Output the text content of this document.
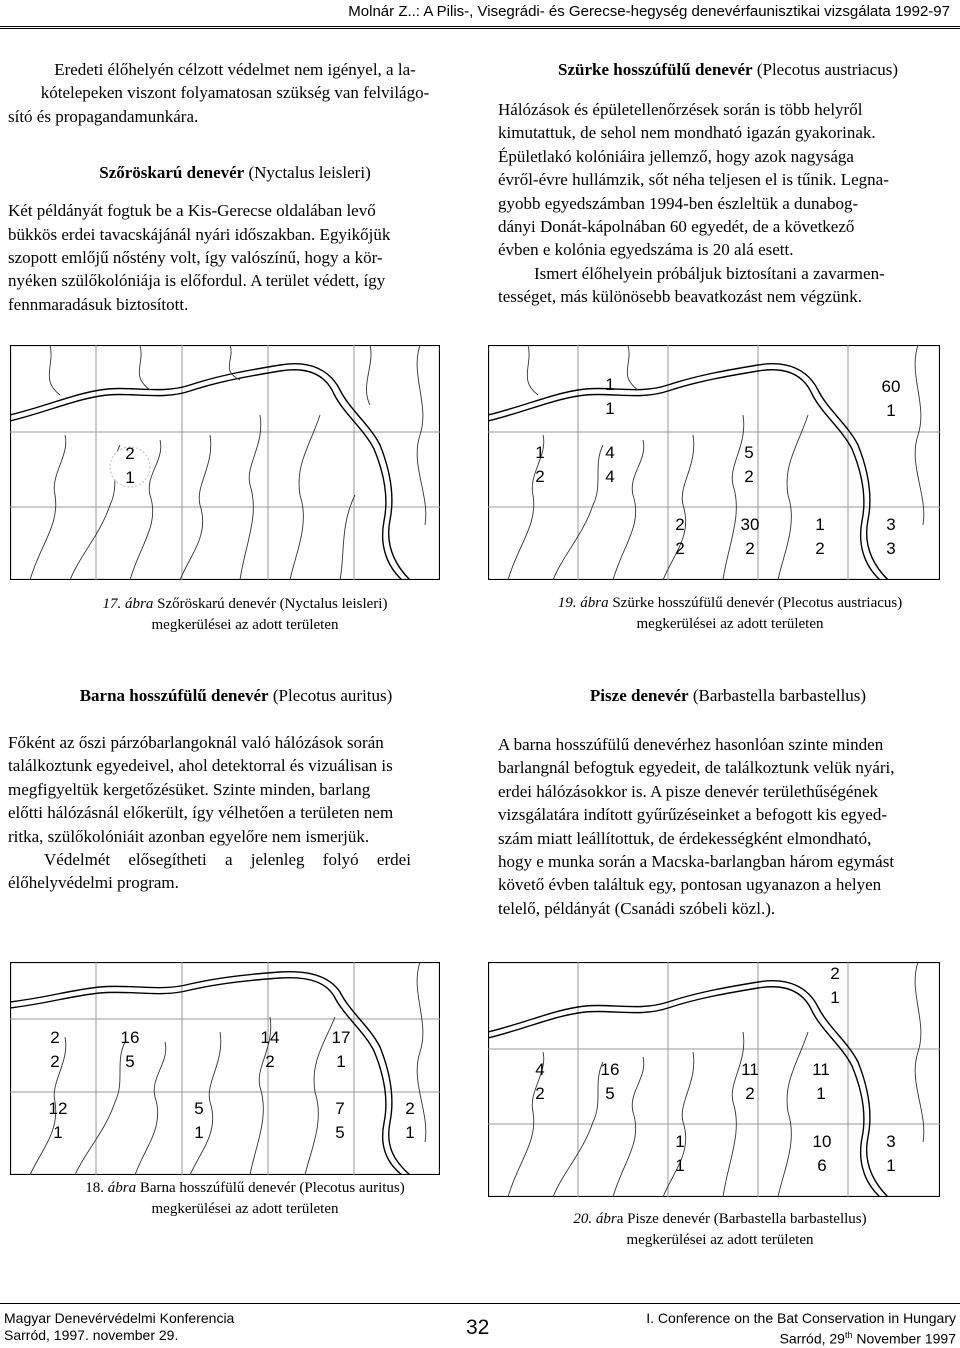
Molnár Z..: A Pilis-, Visegrádi- és Gerecse-hegység denevérfaunisztikai vizsgálata 1992-97
Eredeti élőhelyén célzott védelmet nem igényel, a la-
kótelepeken viszont folyamatosan szükség van felvilágo-
sító és propagandamunkára.

Szőröskarú denevér (Nyctalus leisleri)

Két példányát fogtuk be a Kis-Gerecse oldalában levő
bükkös erdei tavacskájánál nyári időszakban. Egyikőjük
szopott emlőjű nőstény volt, így valószínű, hogy a kör-
nyéken szülőkolóniája is előfordul. A terület védett, így
fennmaradásuk biztosított.

Szürke hosszúfülű denevér (Plecotus austriacus)

Hálózások és épületellenőrzések során is több helyről
kimutattuk, de sehol nem mondható igazán gyakorinak.
Épületlakó kolóniáira jellemző, hogy azok nagysága
évről-évre hullámzik, sőt néha teljesen el is tűnik. Legna-
gyobb egyedszámban 1994-ben észleltük a dunabog-
dányi Donát-kápolnában 60 egyedét, de a következő
évben e kolónia egyedszáma is 20 alá esett.
Ismert élőhelyein próbáljuk biztosítani a zavarmen-
tességet, más különösebb beavatkozást nem végzünk.
2
1
17. ábra Szőröskarú denevér (Nyctalus leisleri)
megkerülései az adott területen
1
1
60
1
1
2
4
4
5
2
2
2
30
2
1
2
3
3
19. ábra Szürke hosszúfülű denevér (Plecotus austriacus)
megkerülései az adott területen

Barna hosszúfülű denevér (Plecotus auritus)

Főként az őszi párzóbarlangoknál való hálózások során
találkoztunk egyedeivel, ahol detektorral és vizuálisan is
megfigyeltük kergetőzésüket. Szinte minden, barlang
előtti hálózásnál előkerült, így vélhetően a területen nem
ritka, szülőkolóniáit azonban egyelőre nem ismerjük.
Védelmét elősegítheti a jelenleg folyó erdei
élőhelyvédelmi program.

Pisze denevér (Barbastella barbastellus)

A barna hosszúfülű denevérhez hasonlóan szinte minden
barlangnál befogtuk egyedeit, de találkoztunk velük nyári,
erdei hálózásokkor is. A pisze denevér területhűségének
vizsgálatára indított gyűrűzéseinket a befogott kis egyed-
szám miatt leállítottuk, de érdekességként elmondható,
hogy e munka során a Macska-barlangban három egymást
követő évben találtuk egy, pontosan ugyanazon a helyen
telelő, példányát (Csanádi szóbeli közl.).
2
2
16
5
14
2
17
1
12
1
5
1
7
5
2
1
18. ábra Barna hosszúfülű denevér (Plecotus auritus)
megkerülései az adott területen
4
2
16
5
11
2
11
1
1
1
10
6
3
1
2
1
20. ábra Pisze denevér (Barbastella barbastellus)
megkerülései az adott területen
Magyar Denevérvédelmi Konferencia
Sarród, 1997. november 29.	32	I. Conference on the Bat Conservation in Hungary
Sarród, 29th November 1997
